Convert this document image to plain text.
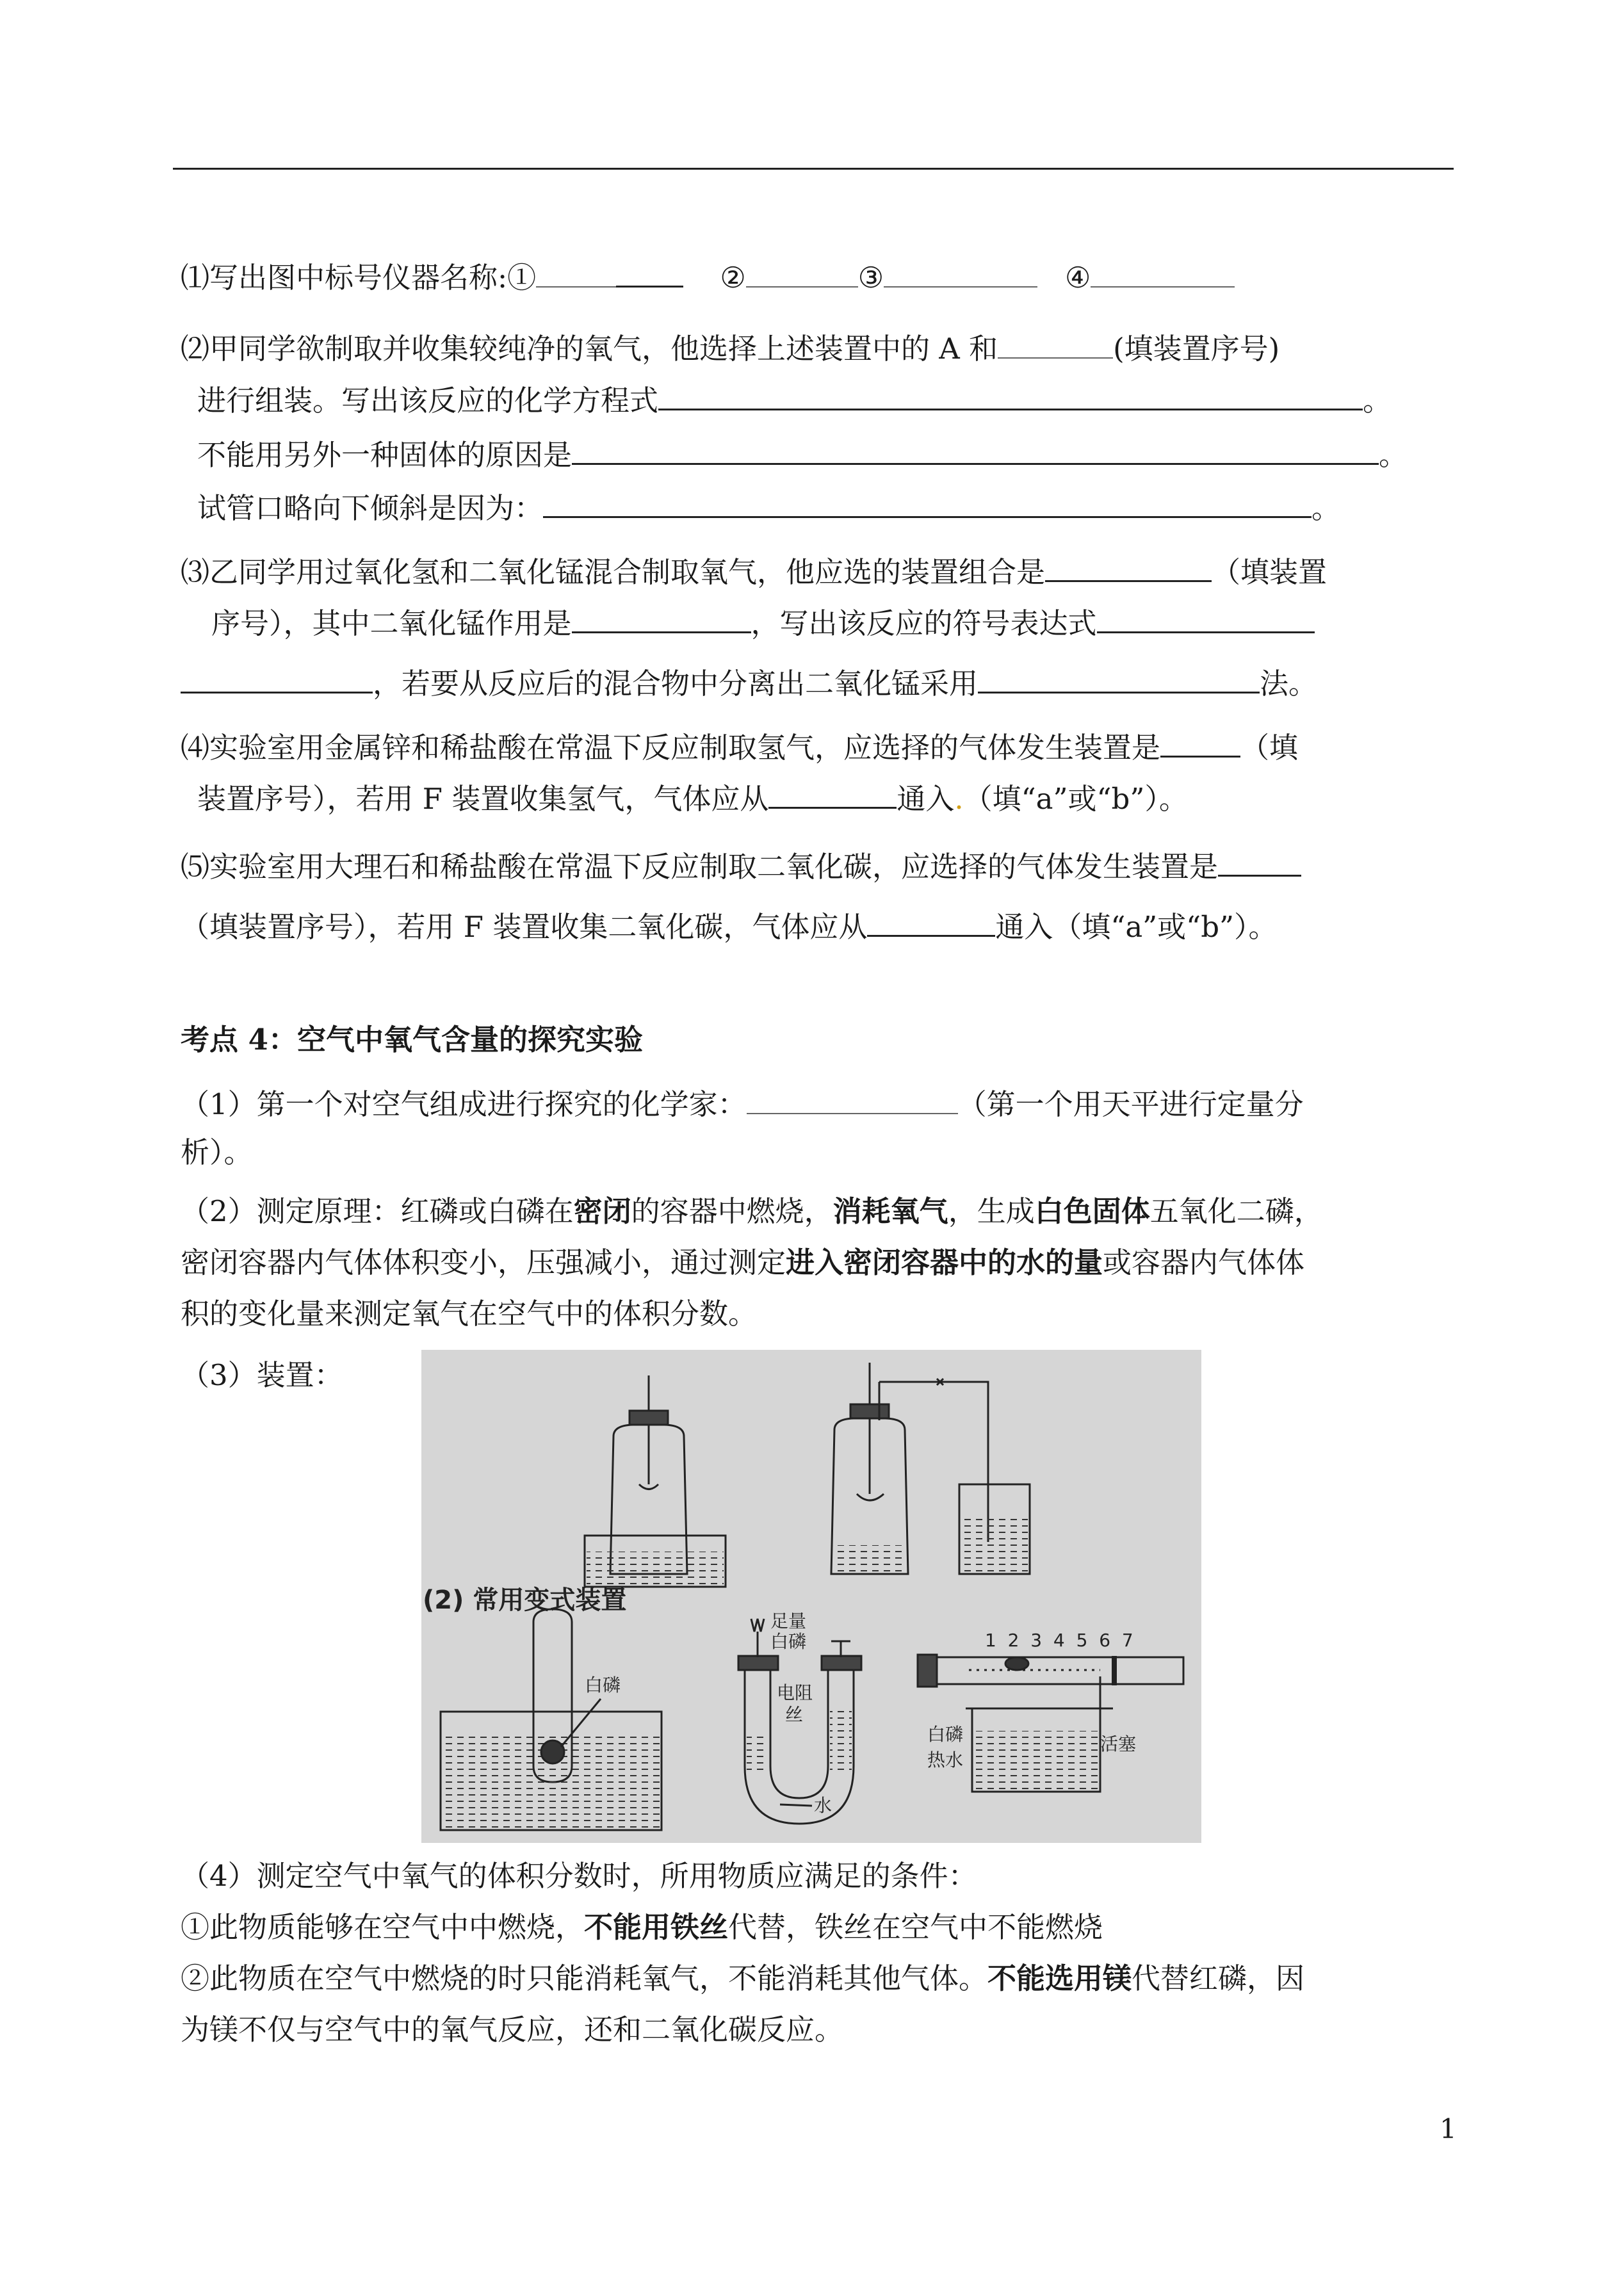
⑴写出图中标号仪器名称:①	②	③	④
⑵甲同学欲制取并收集较纯净的氧气，他选择上述装置中的 A 和	(填装置序号)
进行组装。写出该反应的化学方程式	。
不能用另外一种固体的原因是	。
试管口略向下倾斜是因为：	。
⑶乙同学用过氧化氢和二氧化锰混合制取氧气，他应选的装置组合是	（填装置
序号），其中二氧化锰作用是	，写出该反应的符号表达式
，若要从反应后的混合物中分离出二氧化锰采用	法。
⑷实验室用金属锌和稀盐酸在常温下反应制取氢气，应选择的气体发生装置是	（填
装置序号），若用 F 装置收集氢气，气体应从	通入.（填“a”或“b”）。
⑸实验室用大理石和稀盐酸在常温下反应制取二氧化碳，应选择的气体发生装置是
（填装置序号），若用 F 装置收集二氧化碳，气体应从	通入（填“a”或“b”）。
考点 4：空气中氧气含量的探究实验
（1）第一个对空气组成进行探究的化学家：	（第一个用天平进行定量分
析）。
（2）测定原理：红磷或白磷在密闭的容器中燃烧，消耗氧气，生成白色固体五氧化二磷，
密闭容器内气体体积变小，压强减小，通过测定进入密闭容器中的水的量或容器内气体体
积的变化量来测定氧气在空气中的体积分数。
（3）装置：
(2) 常用变式装置
白磷
足量
白磷
电阻
丝
水
白磷
热水
活塞
1 2 3 4 5 6 7
（4）测定空气中氧气的体积分数时，所用物质应满足的条件：
①此物质能够在空气中中燃烧，不能用铁丝代替，铁丝在空气中不能燃烧
②此物质在空气中燃烧的时只能消耗氧气，不能消耗其他气体。不能选用镁代替红磷，因
为镁不仅与空气中的氧气反应，还和二氧化碳反应。
1
